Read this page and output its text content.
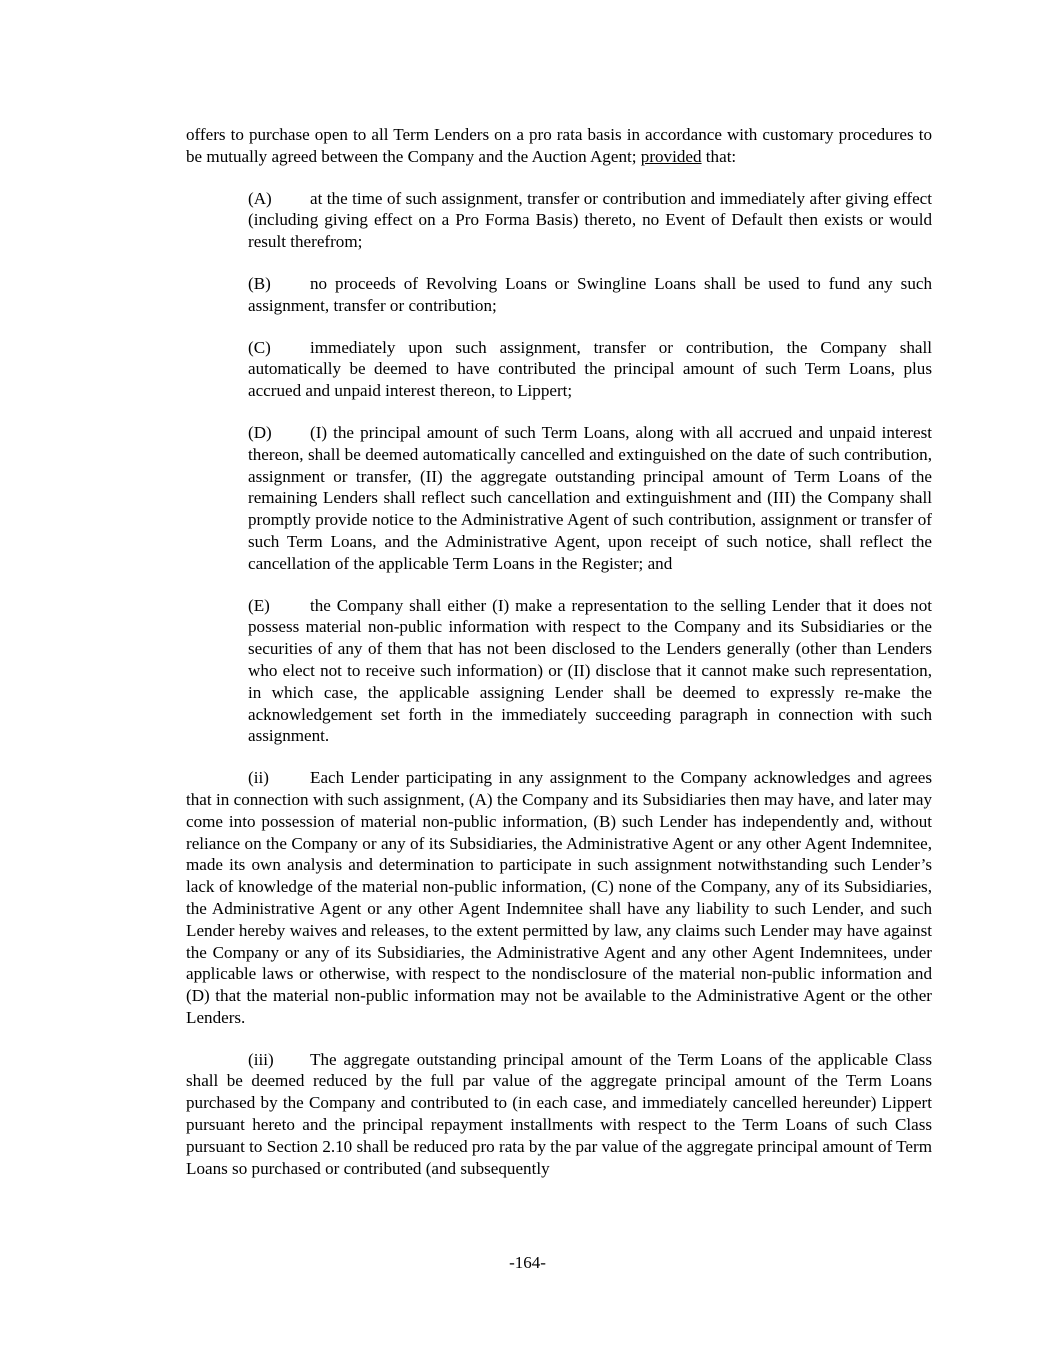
offers to purchase open to all Term Lenders on a pro rata basis in accordance with customary procedures to be mutually agreed between the Company and the Auction Agent; provided that:

(A) at the time of such assignment, transfer or contribution and immediately after giving effect (including giving effect on a Pro Forma Basis) thereto, no Event of Default then exists or would result therefrom;

(B) no proceeds of Revolving Loans or Swingline Loans shall be used to fund any such assignment, transfer or contribution;

(C) immediately upon such assignment, transfer or contribution, the Company shall automatically be deemed to have contributed the principal amount of such Term Loans, plus accrued and unpaid interest thereon, to Lippert;

(D) (I) the principal amount of such Term Loans, along with all accrued and unpaid interest thereon, shall be deemed automatically cancelled and extinguished on the date of such contribution, assignment or transfer, (II) the aggregate outstanding principal amount of Term Loans of the remaining Lenders shall reflect such cancellation and extinguishment and (III) the Company shall promptly provide notice to the Administrative Agent of such contribution, assignment or transfer of such Term Loans, and the Administrative Agent, upon receipt of such notice, shall reflect the cancellation of the applicable Term Loans in the Register; and

(E) the Company shall either (I) make a representation to the selling Lender that it does not possess material non-public information with respect to the Company and its Subsidiaries or the securities of any of them that has not been disclosed to the Lenders generally (other than Lenders who elect not to receive such information) or (II) disclose that it cannot make such representation, in which case, the applicable assigning Lender shall be deemed to expressly re-make the acknowledgement set forth in the immediately succeeding paragraph in connection with such assignment.

(ii) Each Lender participating in any assignment to the Company acknowledges and agrees that in connection with such assignment, (A) the Company and its Subsidiaries then may have, and later may come into possession of material non-public information, (B) such Lender has independently and, without reliance on the Company or any of its Subsidiaries, the Administrative Agent or any other Agent Indemnitee, made its own analysis and determination to participate in such assignment notwithstanding such Lender’s lack of knowledge of the material non-public information, (C) none of the Company, any of its Subsidiaries, the Administrative Agent or any other Agent Indemnitee shall have any liability to such Lender, and such Lender hereby waives and releases, to the extent permitted by law, any claims such Lender may have against the Company or any of its Subsidiaries, the Administrative Agent and any other Agent Indemnitees, under applicable laws or otherwise, with respect to the nondisclosure of the material non-public information and (D) that the material non-public information may not be available to the Administrative Agent or the other Lenders.

(iii) The aggregate outstanding principal amount of the Term Loans of the applicable Class shall be deemed reduced by the full par value of the aggregate principal amount of the Term Loans purchased by the Company and contributed to (in each case, and immediately cancelled hereunder) Lippert pursuant hereto and the principal repayment installments with respect to the Term Loans of such Class pursuant to Section 2.10 shall be reduced pro rata by the par value of the aggregate principal amount of Term Loans so purchased or contributed (and subsequently

-164-
